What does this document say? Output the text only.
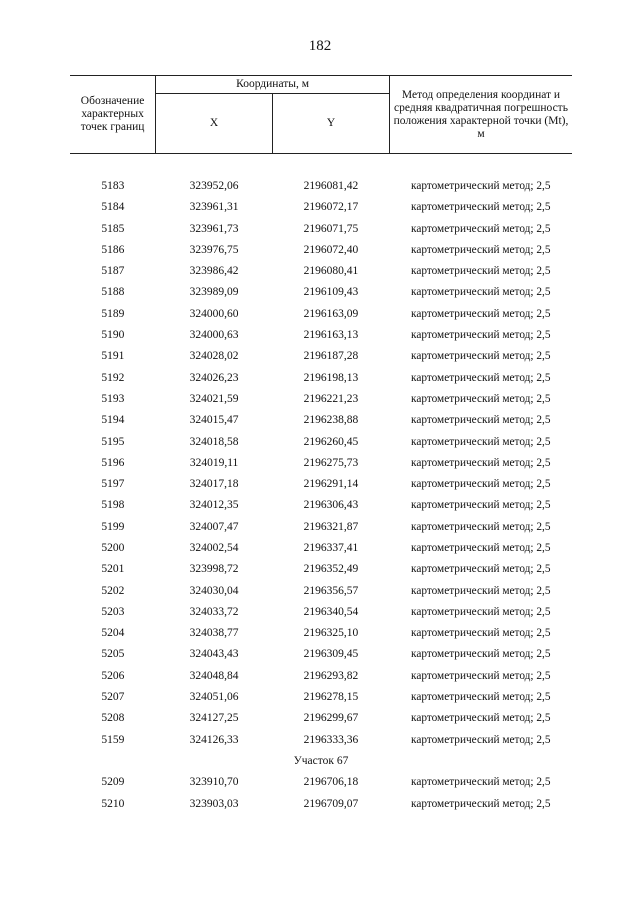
182
Обозначение характерных точек границ	Координаты, м		Метод определения координат и средняя квадратичная погрешность положения характерной точки (Mt), м
	X	Y	

5183	323952,06	2196081,42	картометрический метод; 2,5
5184	323961,31	2196072,17	картометрический метод; 2,5
5185	323961,73	2196071,75	картометрический метод; 2,5
5186	323976,75	2196072,40	картометрический метод; 2,5
5187	323986,42	2196080,41	картометрический метод; 2,5
5188	323989,09	2196109,43	картометрический метод; 2,5
5189	324000,60	2196163,09	картометрический метод; 2,5
5190	324000,63	2196163,13	картометрический метод; 2,5
5191	324028,02	2196187,28	картометрический метод; 2,5
5192	324026,23	2196198,13	картометрический метод; 2,5
5193	324021,59	2196221,23	картометрический метод; 2,5
5194	324015,47	2196238,88	картометрический метод; 2,5
5195	324018,58	2196260,45	картометрический метод; 2,5
5196	324019,11	2196275,73	картометрический метод; 2,5
5197	324017,18	2196291,14	картометрический метод; 2,5
5198	324012,35	2196306,43	картометрический метод; 2,5
5199	324007,47	2196321,87	картометрический метод; 2,5
5200	324002,54	2196337,41	картометрический метод; 2,5
5201	323998,72	2196352,49	картометрический метод; 2,5
5202	324030,04	2196356,57	картометрический метод; 2,5
5203	324033,72	2196340,54	картометрический метод; 2,5
5204	324038,77	2196325,10	картометрический метод; 2,5
5205	324043,43	2196309,45	картометрический метод; 2,5
5206	324048,84	2196293,82	картометрический метод; 2,5
5207	324051,06	2196278,15	картометрический метод; 2,5
5208	324127,25	2196299,67	картометрический метод; 2,5
5159	324126,33	2196333,36	картометрический метод; 2,5
Участок 67			
5209	323910,70	2196706,18	картометрический метод; 2,5
5210	323903,03	2196709,07	картометрический метод; 2,5
